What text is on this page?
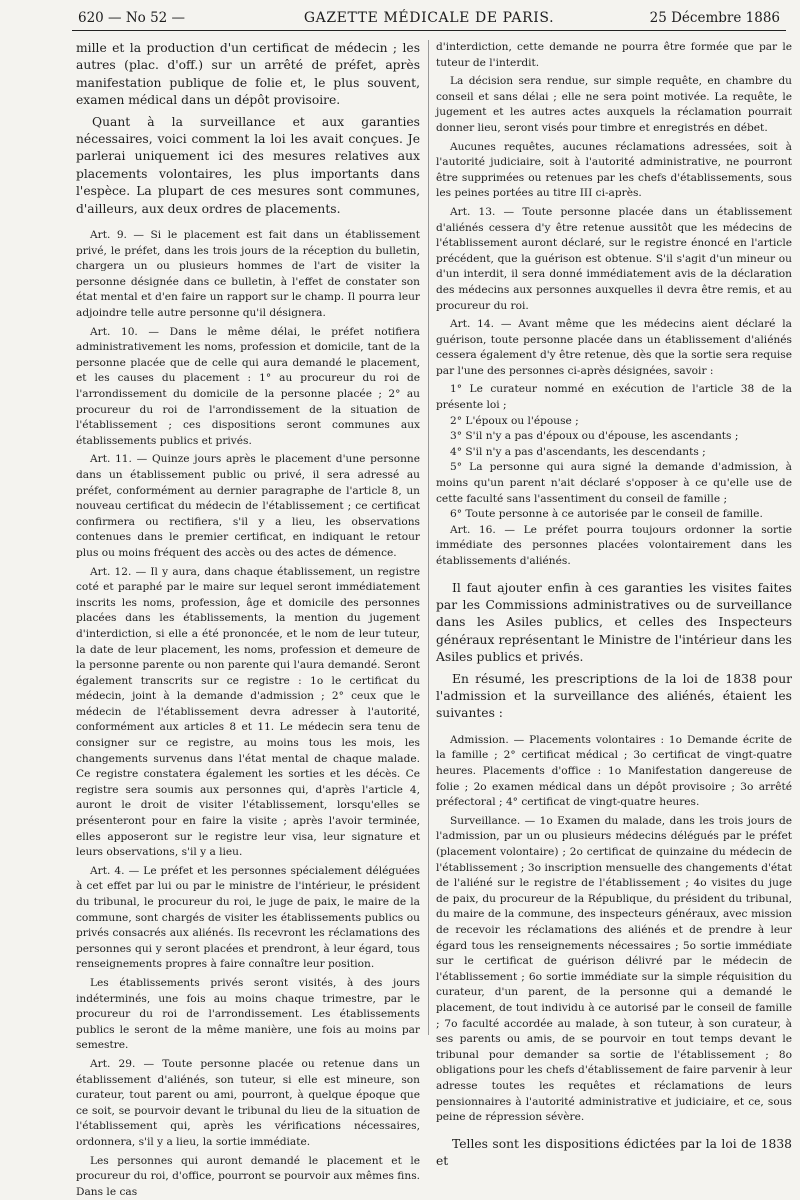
620 — No 52 —	GAZETTE MÉDICALE DE PARIS.	25 Décembre 1886

mille et la production d'un certificat de médecin ; les autres (plac. d'off.) sur un arrêté de préfet, après manifestation publique de folie et, le plus souvent, examen médical dans un dépôt provisoire.

Quant à la surveillance et aux garanties nécessaires, voici comment la loi les avait conçues. Je parlerai uniquement ici des mesures relatives aux placements volontaires, les plus importants dans l'espèce. La plupart de ces mesures sont communes, d'ailleurs, aux deux ordres de placements.

Art. 9. — Si le placement est fait dans un établissement privé, le préfet, dans les trois jours de la réception du bulletin, chargera un ou plusieurs hommes de l'art de visiter la personne désignée dans ce bulletin, à l'effet de constater son état mental et d'en faire un rapport sur le champ. Il pourra leur adjoindre telle autre personne qu'il désignera.

Art. 10. — Dans le même délai, le préfet notifiera administrativement les noms, profession et domicile, tant de la personne placée que de celle qui aura demandé le placement, et les causes du placement : 1° au procureur du roi de l'arrondissement du domicile de la personne placée ; 2° au procureur du roi de l'arrondissement de la situation de l'établissement ; ces dispositions seront communes aux établissements publics et privés.

Art. 11. — Quinze jours après le placement d'une personne dans un établissement public ou privé, il sera adressé au préfet, conformément au dernier paragraphe de l'article 8, un nouveau certificat du médecin de l'établissement ; ce certificat confirmera ou rectifiera, s'il y a lieu, les observations contenues dans le premier certificat, en indiquant le retour plus ou moins fréquent des accès ou des actes de démence.

Art. 12. — Il y aura, dans chaque établissement, un registre coté et paraphé par le maire sur lequel seront immédiatement inscrits les noms, profession, âge et domicile des personnes placées dans les établissements, la mention du jugement d'interdiction, si elle a été prononcée, et le nom de leur tuteur, la date de leur placement, les noms, profession et demeure de la personne parente ou non parente qui l'aura demandé. Seront également transcrits sur ce registre : 1o le certificat du médecin, joint à la demande d'admission ; 2° ceux que le médecin de l'établissement devra adresser à l'autorité, conformément aux articles 8 et 11. Le médecin sera tenu de consigner sur ce registre, au moins tous les mois, les changements survenus dans l'état mental de chaque malade. Ce registre constatera également les sorties et les décès. Ce registre sera soumis aux personnes qui, d'après l'article 4, auront le droit de visiter l'établissement, lorsqu'elles se présenteront pour en faire la visite ; après l'avoir terminée, elles apposeront sur le registre leur visa, leur signature et leurs observations, s'il y a lieu.

Art. 4. — Le préfet et les personnes spécialement déléguées à cet effet par lui ou par le ministre de l'intérieur, le président du tribunal, le procureur du roi, le juge de paix, le maire de la commune, sont chargés de visiter les établissements publics ou privés consacrés aux aliénés. Ils recevront les réclamations des personnes qui y seront placées et prendront, à leur égard, tous renseignements propres à faire connaître leur position.

Les établissements privés seront visités, à des jours indéterminés, une fois au moins chaque trimestre, par le procureur du roi de l'arrondissement. Les établissements publics le seront de la même manière, une fois au moins par semestre.

Art. 29. — Toute personne placée ou retenue dans un établissement d'aliénés, son tuteur, si elle est mineure, son curateur, tout parent ou ami, pourront, à quelque époque que ce soit, se pourvoir devant le tribunal du lieu de la situation de l'établissement qui, après les vérifications nécessaires, ordonnera, s'il y a lieu, la sortie immédiate.

Les personnes qui auront demandé le placement et le procureur du roi, d'office, pourront se pourvoir aux mêmes fins. Dans le cas

d'interdiction, cette demande ne pourra être formée que par le tuteur de l'interdit.

La décision sera rendue, sur simple requête, en chambre du conseil et sans délai ; elle ne sera point motivée. La requête, le jugement et les autres actes auxquels la réclamation pourrait donner lieu, seront visés pour timbre et enregistrés en débet.

Aucunes requêtes, aucunes réclamations adressées, soit à l'autorité judiciaire, soit à l'autorité administrative, ne pourront être supprimées ou retenues par les chefs d'établissements, sous les peines portées au titre III ci-après.

Art. 13. — Toute personne placée dans un établissement d'aliénés cessera d'y être retenue aussitôt que les médecins de l'établissement auront déclaré, sur le registre énoncé en l'article précédent, que la guérison est obtenue. S'il s'agit d'un mineur ou d'un interdit, il sera donné immédiatement avis de la déclaration des médecins aux personnes auxquelles il devra être remis, et au procureur du roi.

Art. 14. — Avant même que les médecins aient déclaré la guérison, toute personne placée dans un établissement d'aliénés cessera également d'y être retenue, dès que la sortie sera requise par l'une des personnes ci-après désignées, savoir :

1° Le curateur nommé en exécution de l'article 38 de la présente loi ;

2° L'époux ou l'épouse ;

3° S'il n'y a pas d'époux ou d'épouse, les ascendants ;

4° S'il n'y a pas d'ascendants, les descendants ;

5° La personne qui aura signé la demande d'admission, à moins qu'un parent n'ait déclaré s'opposer à ce qu'elle use de cette faculté sans l'assentiment du conseil de famille ;

6° Toute personne à ce autorisée par le conseil de famille.

Art. 16. — Le préfet pourra toujours ordonner la sortie immédiate des personnes placées volontairement dans les établissements d'aliénés.

Il faut ajouter enfin à ces garanties les visites faites par les Commissions administratives ou de surveillance dans les Asiles publics, et celles des Inspecteurs généraux représentant le Ministre de l'intérieur dans les Asiles publics et privés.

En résumé, les prescriptions de la loi de 1838 pour l'admission et la surveillance des aliénés, étaient les suivantes :

Admission. — Placements volontaires : 1o Demande écrite de la famille ; 2° certificat médical ; 3o certificat de vingt-quatre heures. Placements d'office : 1o Manifestation dangereuse de folie ; 2o examen médical dans un dépôt provisoire ; 3o arrêté préfectoral ; 4° certificat de vingt-quatre heures.

Surveillance. — 1o Examen du malade, dans les trois jours de l'admission, par un ou plusieurs médecins délégués par le préfet (placement volontaire) ; 2o certificat de quinzaine du médecin de l'établissement ; 3o inscription mensuelle des changements d'état de l'aliéné sur le registre de l'établissement ; 4o visites du juge de paix, du procureur de la République, du président du tribunal, du maire de la commune, des inspecteurs généraux, avec mission de recevoir les réclamations des aliénés et de prendre à leur égard tous les renseignements nécessaires ; 5o sortie immédiate sur le certificat de guérison délivré par le médecin de l'établissement ; 6o sortie immédiate sur la simple réquisition du curateur, d'un parent, de la personne qui a demandé le placement, de tout individu à ce autorisé par le conseil de famille ; 7o faculté accordée au malade, à son tuteur, à son curateur, à ses parents ou amis, de se pourvoir en tout temps devant le tribunal pour demander sa sortie de l'établissement ; 8o obligations pour les chefs d'établissement de faire parvenir à leur adresse toutes les requêtes et réclamations de leurs pensionnaires à l'autorité administrative et judiciaire, et ce, sous peine de répression sévère.

Telles sont les dispositions édictées par la loi de 1838 et
